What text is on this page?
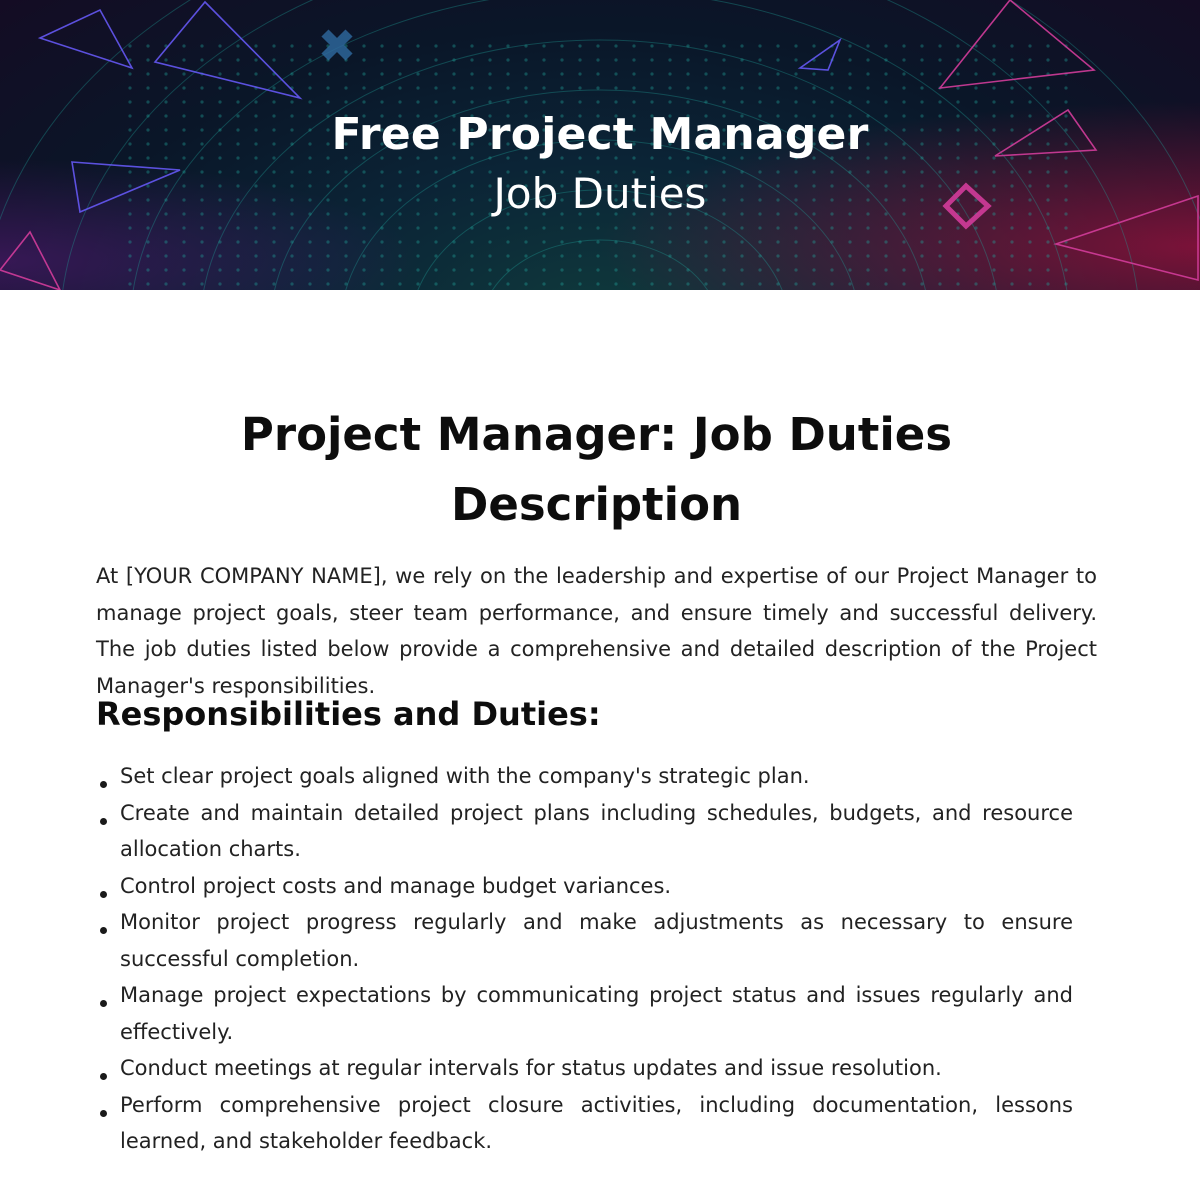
Free Project Manager
Job Duties
Project Manager: Job Duties Description

At [YOUR COMPANY NAME], we rely on the leadership and expertise of our Project Manager to manage project goals, steer team performance, and ensure timely and successful delivery. The job duties listed below provide a comprehensive and detailed description of the Project Manager's responsibilities.

Responsibilities and Duties:
Set clear project goals aligned with the company's strategic plan.
Create and maintain detailed project plans including schedules, budgets, and resource allocation charts.
Control project costs and manage budget variances.
Monitor project progress regularly and make adjustments as necessary to ensure successful completion.
Manage project expectations by communicating project status and issues regularly and effectively.
Conduct meetings at regular intervals for status updates and issue resolution.
Perform comprehensive project closure activities, including documentation, lessons learned, and stakeholder feedback.
